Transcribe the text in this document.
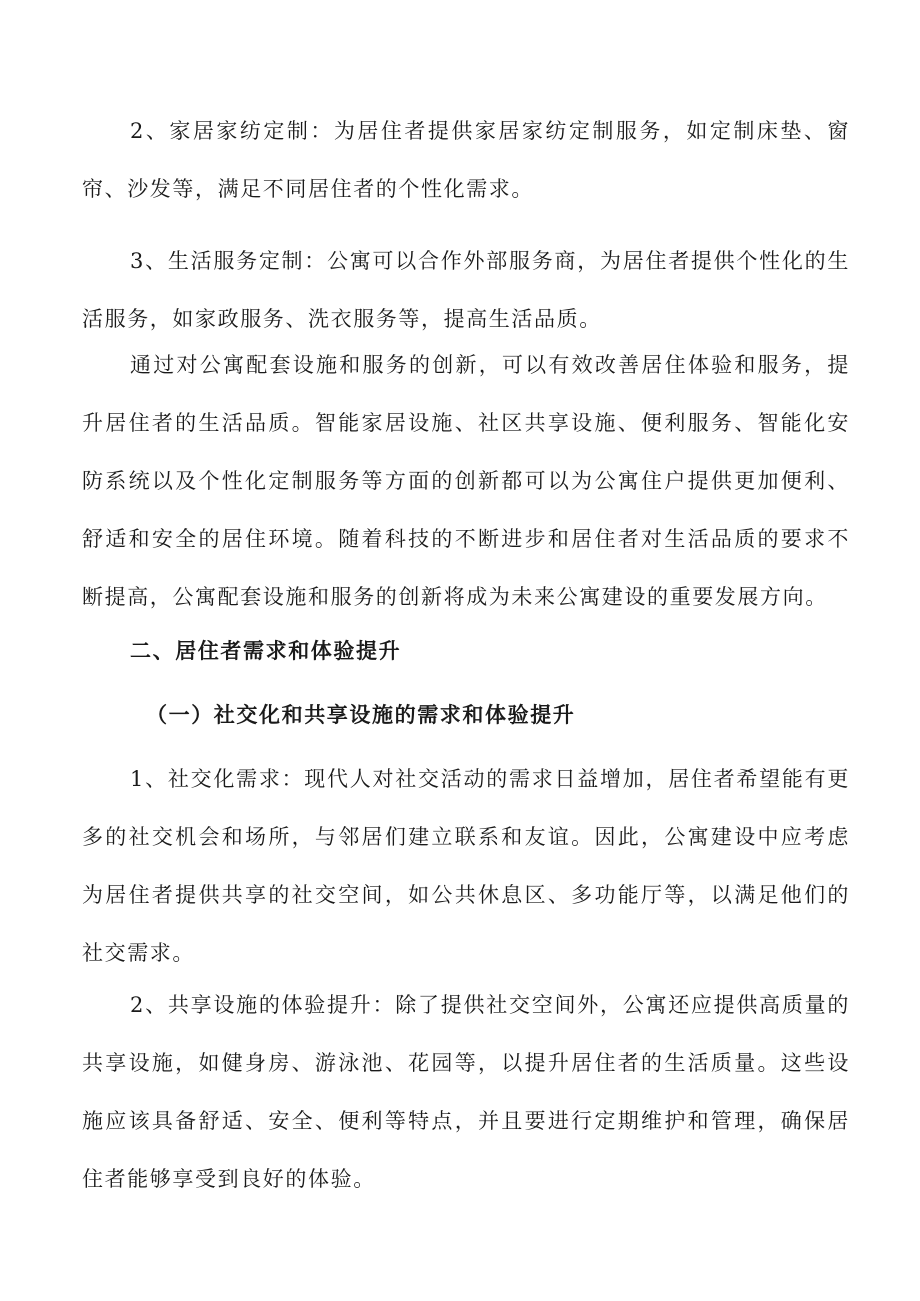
2、家居家纺定制：为居住者提供家居家纺定制服务，如定制床垫、窗帘、沙发等，满足不同居住者的个性化需求。

3、生活服务定制：公寓可以合作外部服务商，为居住者提供个性化的生活服务，如家政服务、洗衣服务等，提高生活品质。

通过对公寓配套设施和服务的创新，可以有效改善居住体验和服务，提升居住者的生活品质。智能家居设施、社区共享设施、便利服务、智能化安防系统以及个性化定制服务等方面的创新都可以为公寓住户提供更加便利、舒适和安全的居住环境。随着科技的不断进步和居住者对生活品质的要求不断提高，公寓配套设施和服务的创新将成为未来公寓建设的重要发展方向。

二、居住者需求和体验提升
（一）社交化和共享设施的需求和体验提升

1、社交化需求：现代人对社交活动的需求日益增加，居住者希望能有更多的社交机会和场所，与邻居们建立联系和友谊。因此，公寓建设中应考虑为居住者提供共享的社交空间，如公共休息区、多功能厅等，以满足他们的社交需求。

2、共享设施的体验提升：除了提供社交空间外，公寓还应提供高质量的共享设施，如健身房、游泳池、花园等，以提升居住者的生活质量。这些设施应该具备舒适、安全、便利等特点，并且要进行定期维护和管理，确保居住者能够享受到良好的体验。
